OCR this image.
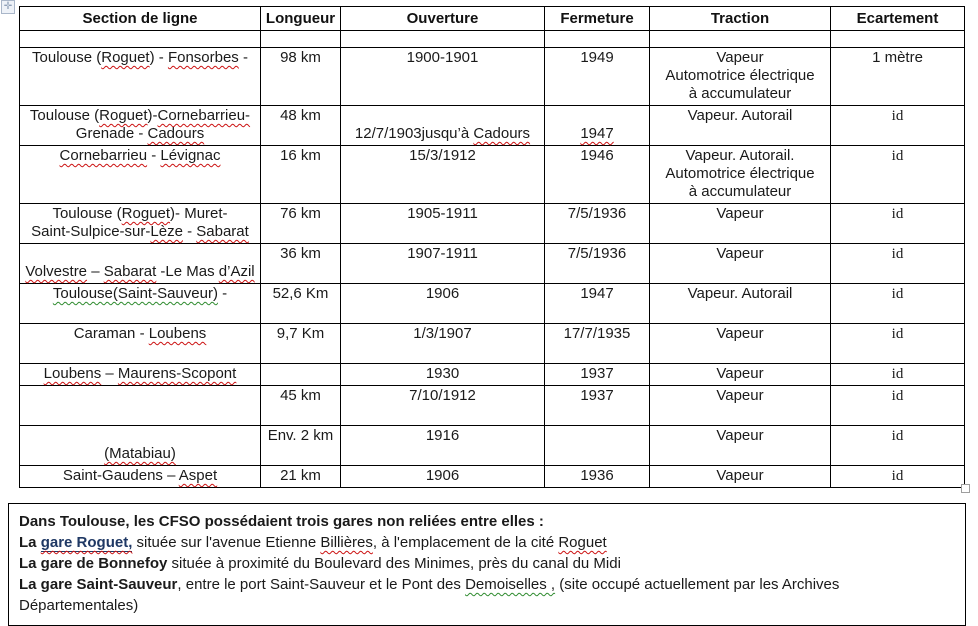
✛
Section de ligne	Longueur	Ouverture	Fermeture	Traction	Ecartement

Toulouse (Roguet) - Fonsorbes -	98 km	1900-1901	1949	Vapeur
Automotrice électrique
à accumulateur	1 mètre

Toulouse (Roguet)-Cornebarrieu-
Grenade - Cadours	48 km	12/7/1903jusqu’à Cadours	1947	Vapeur. Autorail	id

Cornebarrieu - Lévignac	16 km	15/3/1912	1946	Vapeur. Autorail.
Automotrice électrique
à accumulateur	id

Toulouse (Roguet)- Muret-
Saint-Sulpice-sur-Lèze - Sabarat	76 km	1905-1911	7/5/1936	Vapeur	id

Volvestre – Sabarat -Le Mas d’Azil	36 km	1907-1911	7/5/1936	Vapeur	id

Toulouse(Saint-Sauveur) -	52,6 Km	1906	1947	Vapeur. Autorail	id

Caraman - Loubens	9,7 Km	1/3/1907	17/7/1935	Vapeur	id

Loubens – Maurens-Scopont		1930	1937	Vapeur	id

	45 km	7/10/1912	1937	Vapeur	id

(Matabiau)	Env. 2 km	1916		Vapeur	id

Saint-Gaudens – Aspet	21 km	1906	1936	Vapeur	id
Dans Toulouse, les CFSO possédaient trois gares non reliées entre elles :
La gare Roguet, située sur l'avenue Etienne Billières, à l'emplacement de la cité Roguet
La gare de Bonnefoy située à proximité du Boulevard des Minimes, près du canal du Midi
La gare Saint-Sauveur, entre le port Saint-Sauveur et le Pont des Demoiselles , (site occupé actuellement par les Archives Départementales)
